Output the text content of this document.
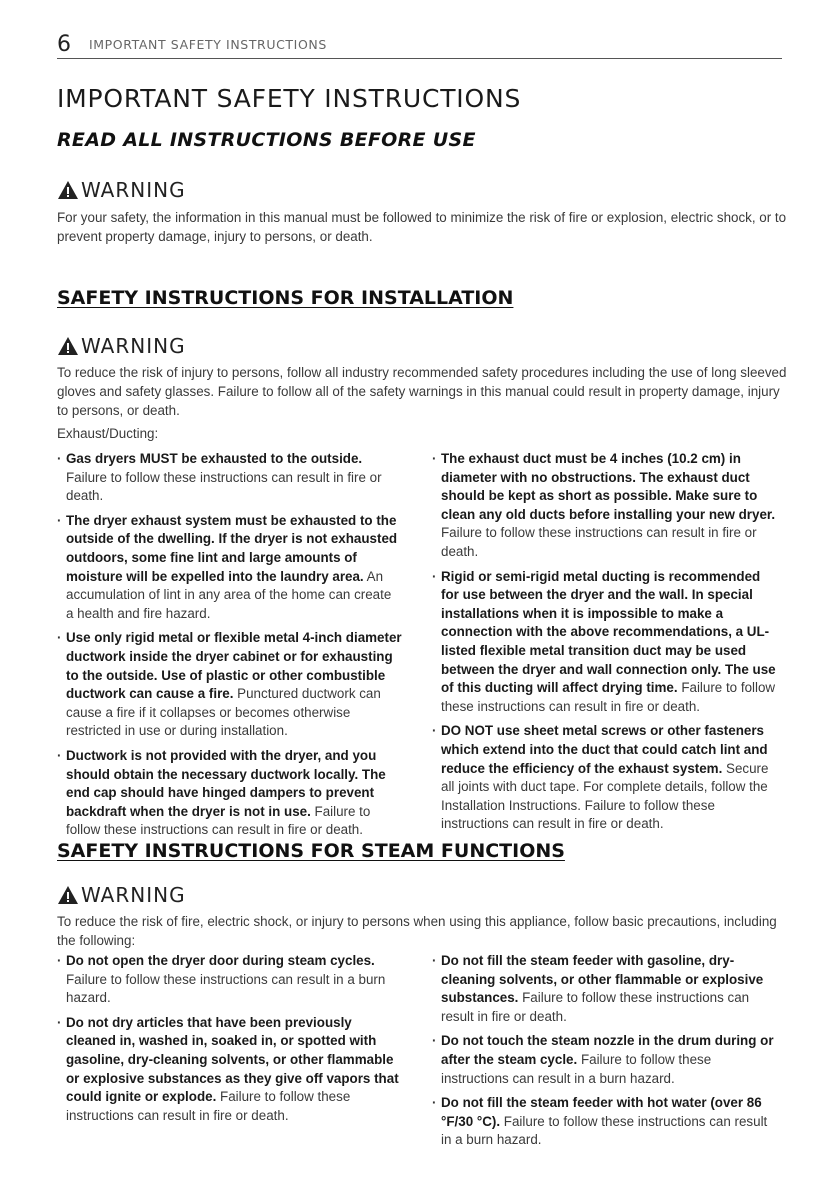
6 IMPORTANT SAFETY INSTRUCTIONS
IMPORTANT SAFETY INSTRUCTIONS
READ ALL INSTRUCTIONS BEFORE USE
WARNING

For your safety, the information in this manual must be followed to minimize the risk of fire or explosion, electric shock, or to prevent property damage, injury to persons, or death.

SAFETY INSTRUCTIONS FOR INSTALLATION
WARNING

To reduce the risk of injury to persons, follow all industry recommended safety procedures including the use of long sleeved gloves and safety glasses. Failure to follow all of the safety warnings in this manual could result in property damage, injury to persons, or death.

Exhaust/Ducting:

· Gas dryers MUST be exhausted to the outside. Failure to follow these instructions can result in fire or death.

· The dryer exhaust system must be exhausted to the outside of the dwelling. If the dryer is not exhausted outdoors, some fine lint and large amounts of moisture will be expelled into the laundry area. An accumulation of lint in any area of the home can create a health and fire hazard.

· Use only rigid metal or flexible metal 4-inch diameter ductwork inside the dryer cabinet or for exhausting to the outside. Use of plastic or other combustible ductwork can cause a fire. Punctured ductwork can cause a fire if it collapses or becomes otherwise restricted in use or during installation.

· Ductwork is not provided with the dryer, and you should obtain the necessary ductwork locally. The end cap should have hinged dampers to prevent backdraft when the dryer is not in use. Failure to follow these instructions can result in fire or death.

· The exhaust duct must be 4 inches (10.2 cm) in diameter with no obstructions. The exhaust duct should be kept as short as possible. Make sure to clean any old ducts before installing your new dryer. Failure to follow these instructions can result in fire or death.

· Rigid or semi-rigid metal ducting is recommended for use between the dryer and the wall. In special installations when it is impossible to make a connection with the above recommendations, a UL-listed flexible metal transition duct may be used between the dryer and wall connection only. The use of this ducting will affect drying time. Failure to follow these instructions can result in fire or death.

· DO NOT use sheet metal screws or other fasteners which extend into the duct that could catch lint and reduce the efficiency of the exhaust system. Secure all joints with duct tape. For complete details, follow the Installation Instructions. Failure to follow these instructions can result in fire or death.

SAFETY INSTRUCTIONS FOR STEAM FUNCTIONS
WARNING

To reduce the risk of fire, electric shock, or injury to persons when using this appliance, follow basic precautions, including the following:

· Do not open the dryer door during steam cycles. Failure to follow these instructions can result in a burn hazard.

· Do not dry articles that have been previously cleaned in, washed in, soaked in, or spotted with gasoline, dry-cleaning solvents, or other flammable or explosive substances as they give off vapors that could ignite or explode. Failure to follow these instructions can result in fire or death.

· Do not fill the steam feeder with gasoline, dry-cleaning solvents, or other flammable or explosive substances. Failure to follow these instructions can result in fire or death.

· Do not touch the steam nozzle in the drum during or after the steam cycle. Failure to follow these instructions can result in a burn hazard.

· Do not fill the steam feeder with hot water (over 86 °F/30 °C). Failure to follow these instructions can result in a burn hazard.
